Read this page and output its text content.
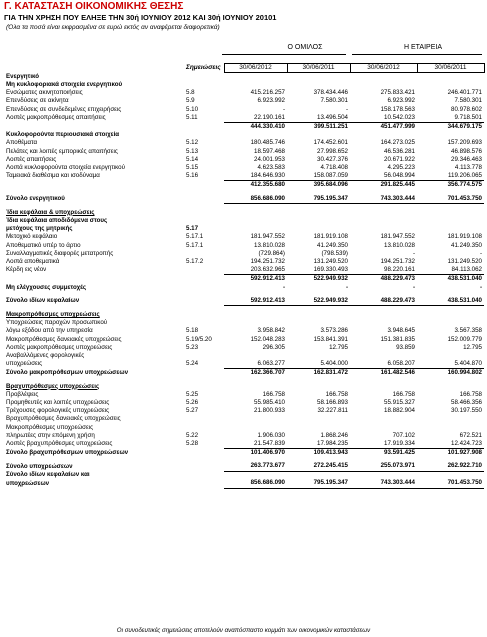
Γ. ΚΑΤΑΣΤΑΣΗ ΟΙΚΟΝΟΜΙΚΗΣ ΘΕΣΗΣ
ΓΙΑ ΤΗΝ ΧΡΗΣΗ ΠΟΥ ΕΛΗΞΕ ΤΗΝ 30ή ΙΟΥΝΙΟΥ 2012 ΚΑΙ 30ή ΙΟΥΝΙΟΥ 20101
(Όλα τα ποσά είναι εκφρασμένα σε ευρώ εκτός αν αναφέρεται διαφορετικά)
Ο ΟΜΙΛΟΣ	Η ΕΤΑΙΡΕΙΑ
	Σημειώσεις	30/06/2012	30/06/2011	30/06/2012	30/06/2011
Ενεργητικό					
Μη κυκλοφοριακά στοιχεία ενεργητικού					
Ενσώματες ακινητοποιήσεις	5.8	415.216.257	378.434.446	275.833.421	246.401.771
Επενδύσεις σε ακίνητα	5.9	6.923.992	7.580.301	6.923.992	7.580.301
Επενδύσεις σε συνδεδεμένες επιχειρήσεις	5.10	-	-	158.178.563	80.978.602
Λοιπές μακροπρόθεσμες απαιτήσεις	5.11	22.190.161	13.496.504	10.542.023	9.718.501
		444.330.410	399.511.251	451.477.999	344.679.175
Κυκλοφορούντα περιουσιακά στοιχεία					
Αποθέματα	5.12	180.485.746	174.452.601	164.273.025	157.209.693
Πελάτες και λοιπές εμπορικές απαιτήσεις	5.13	18.597.468	27.998.652	46.536.281	46.898.576
Λοιπές απαιτήσεις	5.14	24.001.953	30.427.376	20.671.922	29.346.463
Λοιπά κυκλοφορούντα στοιχεία ενεργητικού	5.15	4.623.583	4.718.408	4.295.223	4.113.778
Ταμειακά διαθέσιμα και ισοδύναμα	5.16	184.646.930	158.087.059	56.048.994	119.206.065
		412.355.680	395.684.096	291.825.445	356.774.575

Σύνολο ενεργητικού		856.686.090	795.195.347	743.303.444	701.453.750

Ίδια κεφάλαια & υποχρεώσεις					
Ίδια κεφάλαια αποδιδόμενα στους					
μετόχους της μητρικής	5.17				
Μετοχικό κεφάλαιο	5.17.1	181.947.552	181.919.108	181.947.552	181.919.108
Αποθεματικό υπέρ το άρτιο	5.17.1	13.810.028	41.249.350	13.810.028	41.249.350
Συναλλαγματικές διαφορές μετατροπής		(729.864)	(798.539)	-	-
Λοιπά αποθεματικά	5.17.2	194.251.732	131.249.520	194.251.732	131.249.520
Κέρδη εις νέον		203.632.965	169.330.493	98.220.161	84.113.062
		592.912.413	522.949.932	488.229.473	438.531.040
Μη ελέγχουσες συμμετοχές		-	-	-	-

Σύνολο ιδίων κεφαλαίων		592.912.413	522.949.932	488.229.473	438.531.040

Μακροπρόθεσμες υποχρεώσεις					
Υποχρεώσεις παροχών προσωπικού					
λόγω εξόδου από την υπηρεσία	5.18	3.958.842	3.573.286	3.948.645	3.567.358
Μακροπρόθεσμες δανειακές υποχρεώσεις	5.19/5.20	152.048.283	153.841.391	151.381.835	152.009.779
Λοιπές μακροπρόθεσμες υποχρεώσεις	5.23	296.305	12.795	93.859	12.795
Αναβαλλόμενες φορολογικές					
υποχρεώσεις	5.24	6.063.277	5.404.000	6.058.207	5.404.870
Σύνολο μακροπρόθεσμων υποχρεώσεων		162.366.707	162.831.472	161.482.546	160.994.802

Βραχυπρόθεσμες υποχρεώσεις					
Προβλέψεις	5.25	166.758	166.758	166.758	166.758
Προμηθευτές και λοιπές υποχρεώσεις	5.26	55.985.410	58.166.893	55.915.327	58.466.356
Τρέχουσες φορολογικές υποχρεώσεις	5.27	21.800.933	32.227.811	18.882.904	30.197.550
Βραχυπρόθεσμες δανειακές υποχρεώσεις					
Μακροπρόθεσμες υποχρεώσεις					
πληρωτέες στην επόμενη χρήση	5.22	1.906.030	1.868.246	707.102	672.521
Λοιπές βραχυπρόθεσμες υποχρεώσεις	5.28	21.547.839	17.984.235	17.919.334	12.424.723
Σύνολο βραχυπρόθεσμων υποχρεώσεων		101.406.970	109.413.943	93.591.425	101.927.908

Σύνολο υποχρεώσεων		263.773.677	272.245.415	255.073.971	262.922.710
Σύνολο ιδίων κεφαλαίων και					
υποχρεώσεων		856.686.090	795.195.347	743.303.444	701.453.750
Οι συνοδευτικές σημειώσεις αποτελούν αναπόσπαστο κομμάτι των οικονομικών καταστάσεων
